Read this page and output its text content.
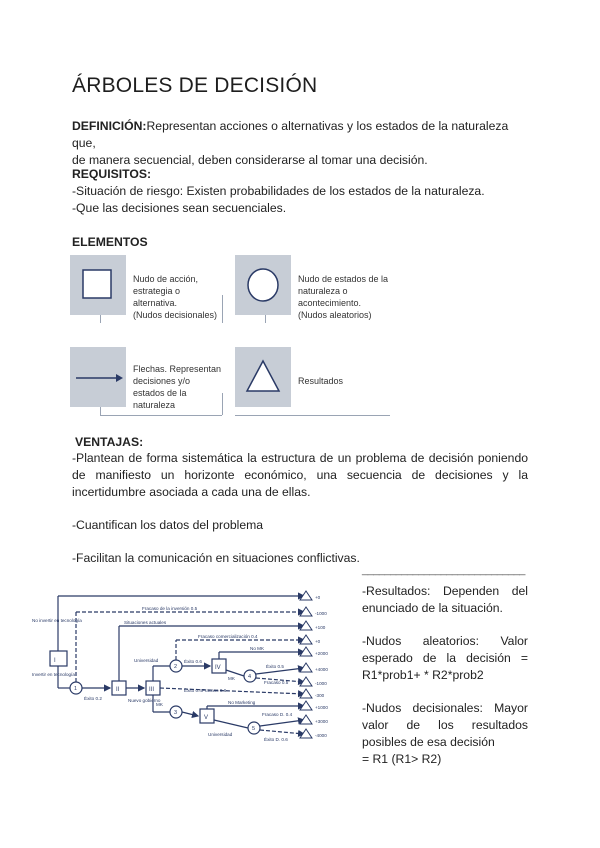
ÁRBOLES DE DECISIÓN
DEFINICIÓN:Representan acciones o alternativas y los estados de la naturaleza que,
de manera secuencial, deben considerarse al tomar una decisión.
REQUISITOS:
-Situación de riesgo: Existen probabilidades de los estados de la naturaleza.
-Que las decisiones sean secuenciales.
ELEMENTOS
Nudo de acción,
estrategia o
alternativa.
(Nudos decisionales)
Nudo de estados de la
naturaleza o
acontecimiento.
(Nudos aleatorios)
Flechas. Representan
decisiones y/o
estados de la
naturaleza
Resultados
VENTAJAS:
-Plantean de forma sistemática la estructura de un problema de decisión poniendo
de manifiesto un horizonte económico, una secuencia de decisiones y la
incertidumbre asociada a cada una de ellas.
-Cuantifican los datos del problema
-Facilitan la comunicación en situaciones conflictivas.
_____________________________
-Resultados: Dependen del
enunciado de la situación.
-Nudos aleatorios: Valor
esperado de la decisión =
R1*prob1+ * R2*prob2
-Nudos decisionales: Mayor
valor de los resultados
posibles de esa decisión
= R1 (R1> R2)
I
II	III
IV
V
1
2
3
4
5
No invertir en tecnología
Invertir en tecnología
Fracaso de la inversión 0.5
Éxito 0.2
Situaciones actuales
Fracaso comercialización 0.4
Éxito 0.6
No MK
Éxito 0.5
Fracaso 0.5
MK
Universidad
Nuevo gobierno	No Marketing
Éxito 0.4 Fracaso 0.6
MK
Universidad
Fracaso D. 0.4
Éxito D. 0.6
+0
-1000
+100
+0
+2000
+4000
-1000
-300
+1000
+3000
-4000
